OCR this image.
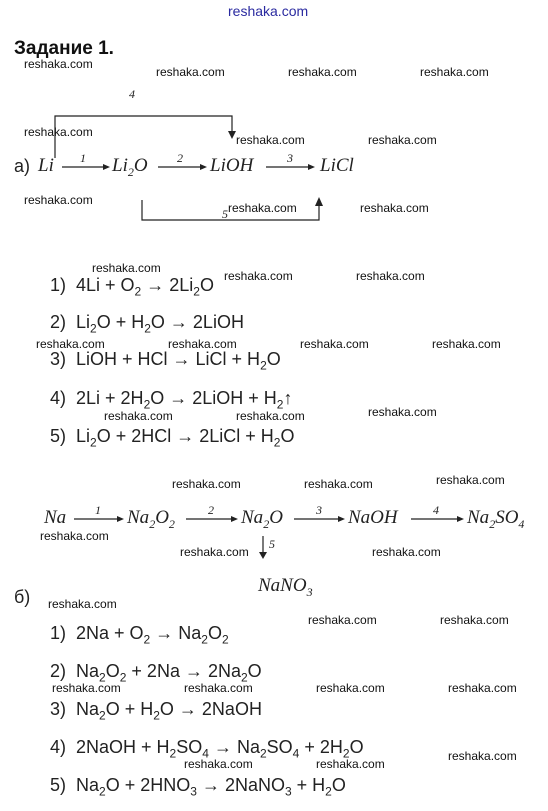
reshaka.com
Задание 1.
4
1	2	3
5
а) Li	$Li_2O$	LiOH	LiCl
1)  $4Li + O_2 \to 2Li_2O$
2)  $Li_2O + H_2O$ → 2LiOH
3)  LiOH + HCl → LiCl + $H_2O$
4)  $2Li + 2H_2O$ → 2LiOH + $H_2↑$
5)  $Li_2O + 2HCl$ → 2LiCl + $H_2O$
Na	$Na_2O_2$	$Na_2O$	NaOH	$Na_2SO_4$
NaNO$_3$
1	2	3	4
5
б)
1)  $2Na + O_2 \to Na_2O_2$
2)  $Na_2O_2 + 2Na \to 2Na_2O$
3)  $Na_2O + H_2O$ → 2NaOH
4)  2NaOH + $H_2SO_4 \to Na_2SO_4 + 2H_2O$
5)  $Na_2O + 2HNO_3$ → 2NaNO$_3$ + $H_2O$
reshaka.com
reshaka.com	reshaka.com	reshaka.com
reshaka.com
reshaka.com	reshaka.com
reshaka.com
reshaka.com	reshaka.com
reshaka.com
reshaka.com	reshaka.com
reshaka.com	reshaka.com	reshaka.com	reshaka.com
reshaka.com	reshaka.com	reshaka.com
reshaka.com	reshaka.com	reshaka.com
reshaka.com
reshaka.com	reshaka.com
reshaka.com
reshaka.com	reshaka.com
reshaka.com	reshaka.com	reshaka.com	reshaka.com
reshaka.com
reshaka.com	reshaka.com
